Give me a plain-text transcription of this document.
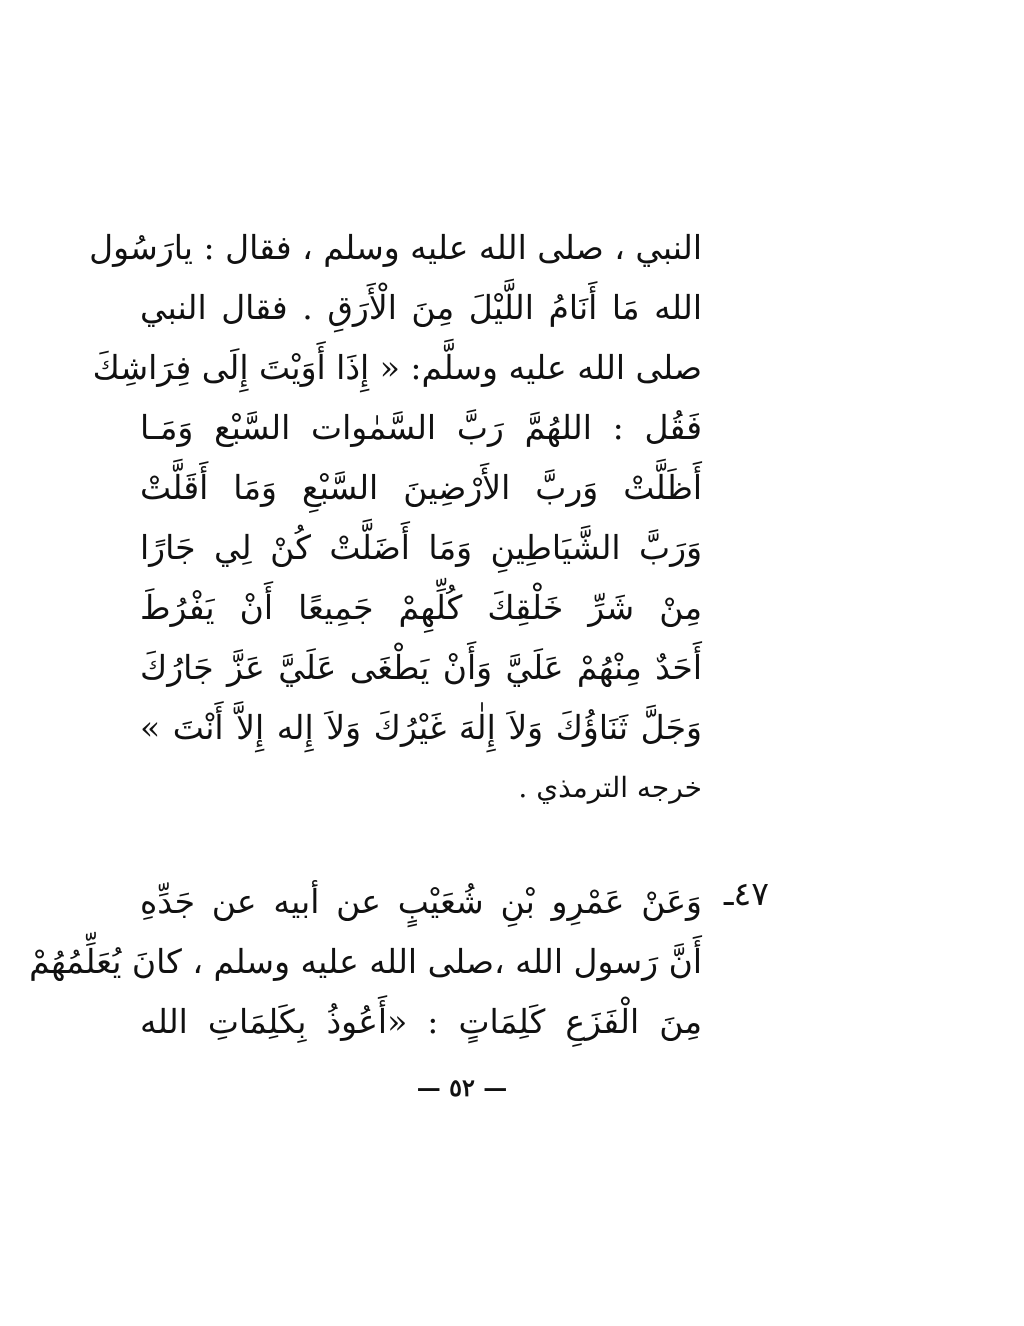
النبي ، صلى الله عليه وسلم ، فقال : يارَسُول
الله مَا أَنَامُ اللَّيْلَ مِنَ الْأَرَقِ . فقال النبي
صلى الله عليه وسلَّم: « إِذَا أَوَيْتَ إِلَى فِرَاشِكَ
فَقُل : اللهُمَّ رَبَّ السَّمٰوات السَّبْع وَمَـا
أَظَلَّتْ وَربَّ الأَرْضِينَ السَّبْعِ وَمَا أَقَلَّتْ
وَرَبَّ الشَّيَاطِينِ وَمَا أَضَلَّتْ كُنْ لِي جَارًا
مِنْ شَرِّ خَلْقِكَ كُلِّهِمْ جَمِيعًا أَنْ يَفْرُطَ
أَحَدٌ مِنْهُمْ عَلَيَّ وَأَنْ يَطْغَى عَلَيَّ عَزَّ جَارُكَ
وَجَلَّ ثَنَاؤُكَ وَلاَ إِلٰهَ غَيْرُكَ وَلاَ إِله إِلاَّ أَنْتَ »
خرجه الترمذي .
٤٧ـ
وَعَنْ عَمْرِو بْنِ شُعَيْبٍ عن أبيه عن جَدِّهِ
أَنَّ رَسول الله ،صلى الله عليه وسلم ، كانَ يُعَلِّمُهُمْ
مِنَ الْفَزَعِ كَلِمَاتٍ : «أَعُوذُ بِكَلِمَاتِ الله
— ٥٢ —
